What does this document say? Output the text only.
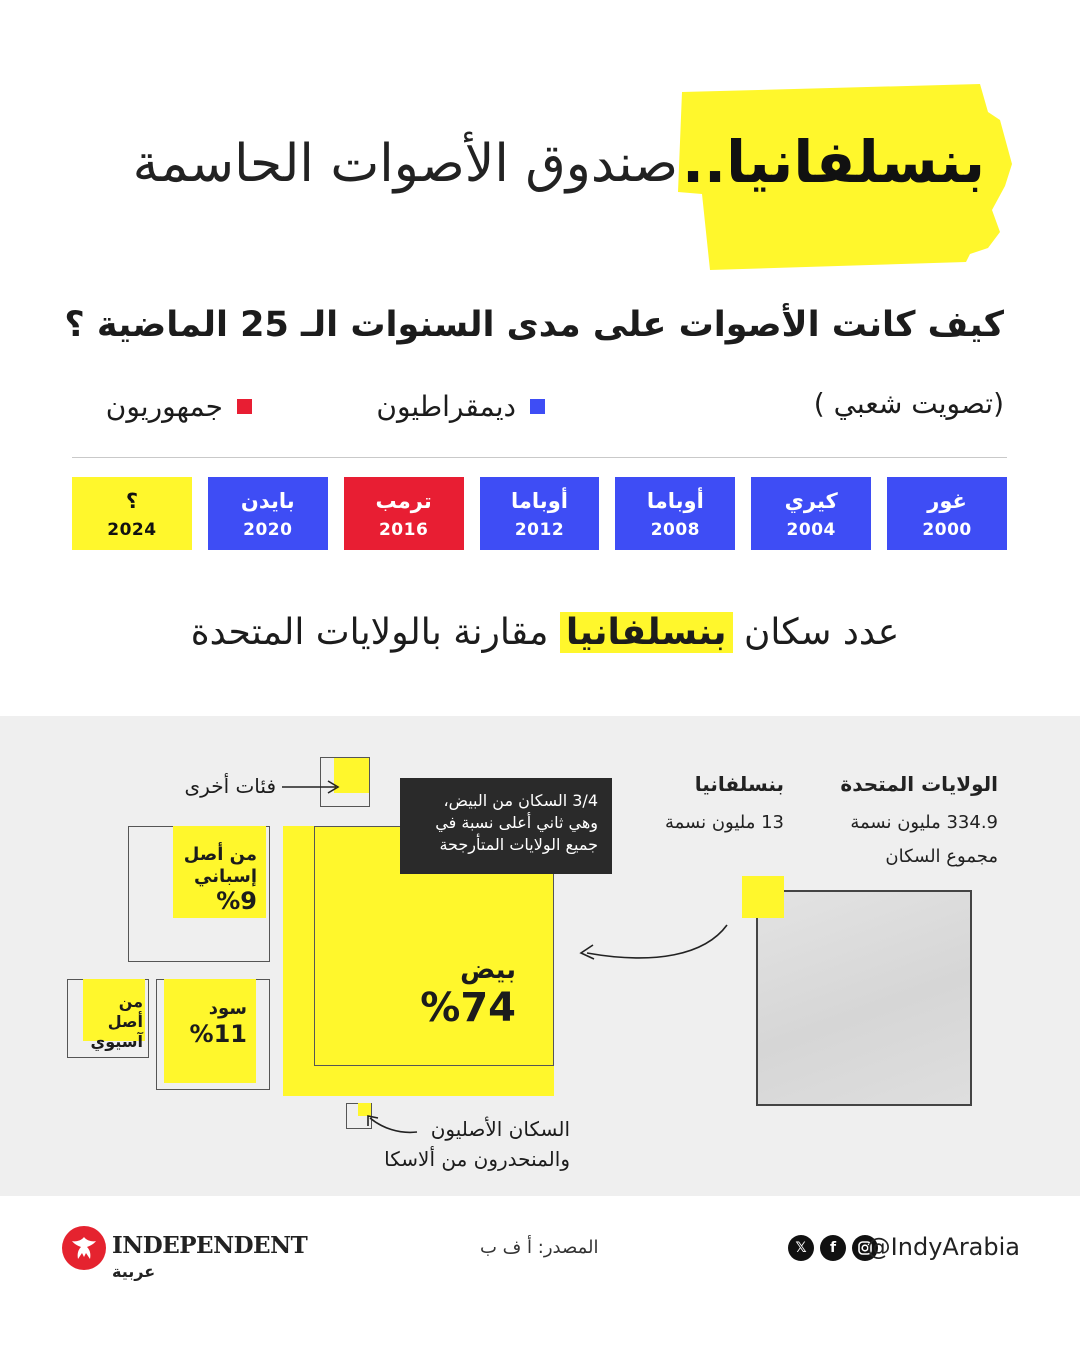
بنسلفانيا..
صندوق الأصوات الحاسمة
كيف كانت الأصوات على مدى السنوات الـ 25 الماضية ؟
(تصويت شعبي )
ديمقراطيون
جمهوريون
غور
2000
كيري
2004
أوباما
2008
أوباما
2012
ترمب
2016
بايدن
2020
؟
2024
عدد سكان بنسلفانيا مقارنة بالولايات المتحدة
الولايات المتحدة
334.9 مليون نسمة
مجموع السكان
بنسلفانيا
13 مليون نسمة
بيض
%74
3/4 السكان من البيض، وهي ثاني أعلى نسبة في جميع الولايات المتأرجحة
فئات أخرى
من أصل إسباني
%9
سود
%11
من أصل آسيوي
السكان الأصليون
والمنحدرون من ألاسكا
INDEPENDENT
عربية
المصدر: أ ف ب	𝕏	f	@IndyArabia
